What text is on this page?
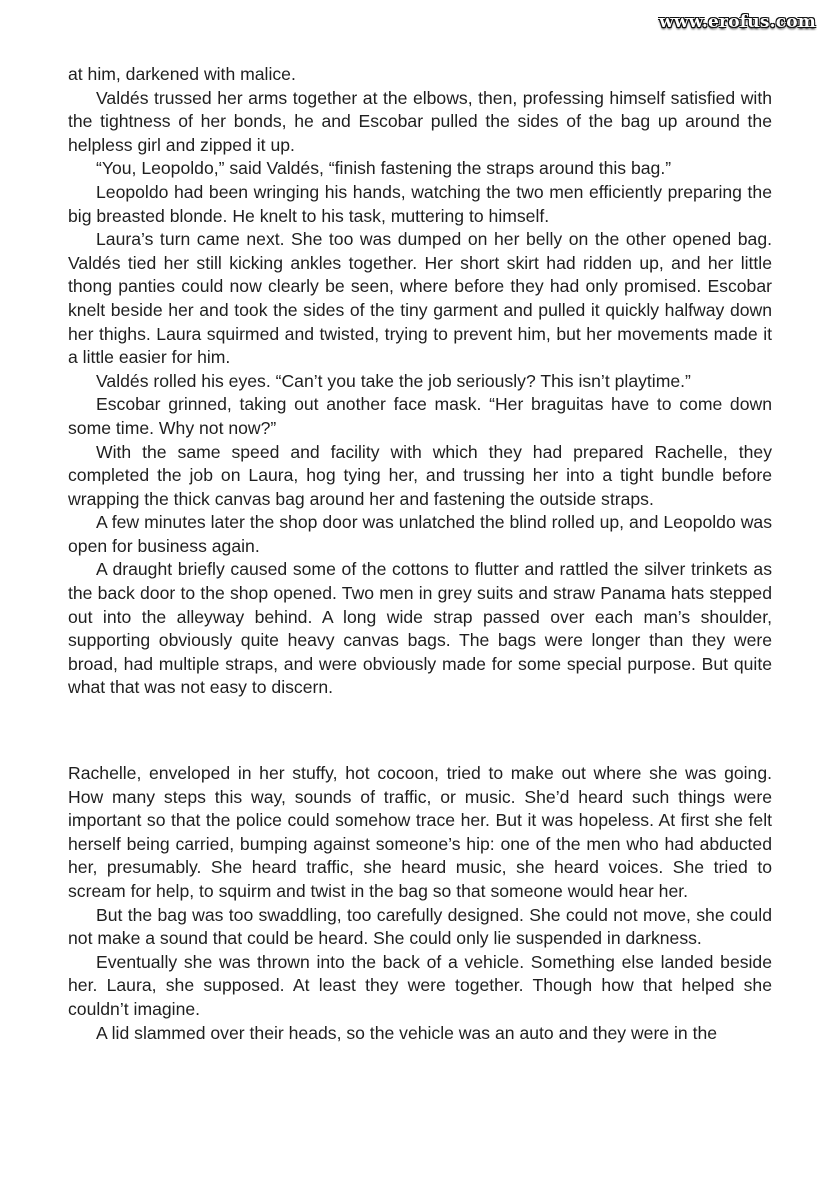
www.erofus.com

at him, darkened with malice.

Valdés trussed her arms together at the elbows, then, professing himself satisfied with the tightness of her bonds, he and Escobar pulled the sides of the bag up around the helpless girl and zipped it up.

“You, Leopoldo,” said Valdés, “finish fastening the straps around this bag.”

Leopoldo had been wringing his hands, watching the two men efficiently preparing the big breasted blonde. He knelt to his task, muttering to himself.

Laura’s turn came next. She too was dumped on her belly on the other opened bag. Valdés tied her still kicking ankles together. Her short skirt had ridden up, and her little thong panties could now clearly be seen, where before they had only promised. Escobar knelt beside her and took the sides of the tiny garment and pulled it quickly halfway down her thighs. Laura squirmed and twisted, trying to prevent him, but her movements made it a little easier for him.

Valdés rolled his eyes. “Can’t you take the job seriously? This isn’t playtime.”

Escobar grinned, taking out another face mask. “Her braguitas have to come down some time. Why not now?”

With the same speed and facility with which they had prepared Rachelle, they completed the job on Laura, hog tying her, and trussing her into a tight bundle before wrapping the thick canvas bag around her and fastening the outside straps.

A few minutes later the shop door was unlatched the blind rolled up, and Leopoldo was open for business again.

A draught briefly caused some of the cottons to flutter and rattled the silver trinkets as the back door to the shop opened. Two men in grey suits and straw Panama hats stepped out into the alleyway behind. A long wide strap passed over each man’s shoulder, supporting obviously quite heavy canvas bags. The bags were longer than they were broad, had multiple straps, and were obviously made for some special purpose. But quite what that was not easy to discern.

Rachelle, enveloped in her stuffy, hot cocoon, tried to make out where she was going. How many steps this way, sounds of traffic, or music. She’d heard such things were important so that the police could somehow trace her. But it was hopeless. At first she felt herself being carried, bumping against someone’s hip: one of the men who had abducted her, presumably. She heard traffic, she heard music, she heard voices. She tried to scream for help, to squirm and twist in the bag so that someone would hear her.

But the bag was too swaddling, too carefully designed. She could not move, she could not make a sound that could be heard. She could only lie suspended in darkness.

Eventually she was thrown into the back of a vehicle. Something else landed beside her. Laura, she supposed. At least they were together. Though how that helped she couldn’t imagine.

A lid slammed over their heads, so the vehicle was an auto and they were in the
